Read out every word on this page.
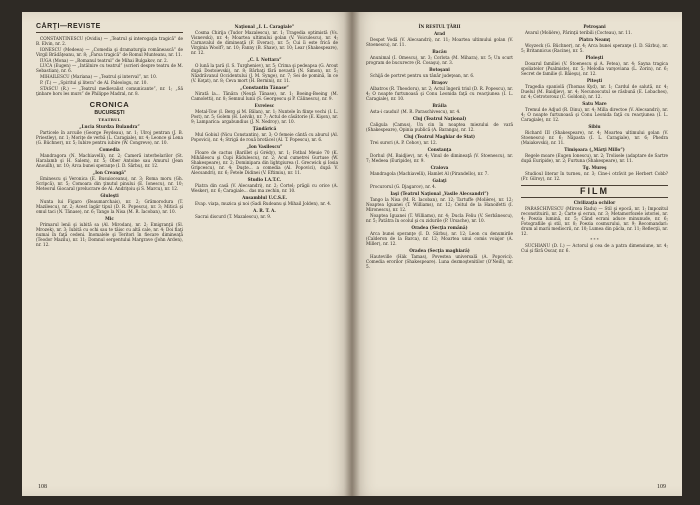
CĂRŢI—REVISTE
CONSTANTINESCU (Ovidiu) — „Teatrul şi interogaţia tragică” de B. Elvin, nr. 2.
IONESCU (Medeea) — „Comedia şi dramaturgia românească” de Virgil Brădăţeanu, nr. 8; „Farsa tragică” de Romul Munteanu, nr. 11.
IUGA (Mona) — „Romanul teatrul” de Mihai Bulgakov, nr. 2.
LUCA (Eugen) — „Intâlnire cu teatrul” (scrieri despre teatru de M. Sebastian), nr. 6.
MIHAILESCU (Mariana) — „Teatrul şi interval”, nr. 10.
P. (T.) — „Spiritul şi litera” de Al. Paleologu, nr. 10.
STASCU (R.) — „Teatrul medievalist comunicante”, nr. 1; „Să ţinbare hors les murs” de Philippe Madral, nr. 8.
CRONICA
BUCUREŞTI
TEATRUL
„Lucia Sturdza Bulandra”
Particele în arcuile (George Feydeau), nr. 1; Ulroj pentran (J. B. Priestley), nr. 1; Moriţe de verbă (L. Caragiale), nr. 4; Leonce şi Lena (G. Büchner), nr. 5; Iubire pentru iubire (W. Congreve), nr. 10.
Comedia
Mandragora (N. Machiavelli), nr. 2; Cameră interbelarilor (St. Haralamb şi H. Salem), nr. 5; Ober Antoine sau Amurul (Jean Anouilh), nr. 10; Arca bunei speranţe (I. D. Sârbu), nr. 12.
„Ion Creangă”
Eminescu şi Veronica (E. Busuioceanu), nr. 3; Roma moru (Gh. Scripcă), nr. 5; Comoara din ţinutul pinului (E. Ionescu), nr. 10; Meteorul Giocaral (prelucrare de Al. Andriţoiu şi S. Marcu), nr. 12.
Giuleşti
Nunta lui Figaro (Beaumarchais), nr. 2; Grămorodura (T. Mazilescu), nr. 2; Acest lagăr tipul (D. R. Popescu), nr. 3; Mitică şi omul taci (N. Tănase), nr. 6; Tango la Nisa (M. R. Iacoban), nr. 10.
Mic
Primarul lenii şi iubită sa (Al. Mirodan), nr. 2; Emigranţii (Sl. Mrozek), nr. 3; Iubită cu ochi sau te tăisc cu altă cale, nr. 4; Doi fiaţi numai în faţă cedeni. Inomalele şi Teritori în fiecare dimineaţă (Teodor Mazilu), nr. 11; Domnul sergentului Margrave (John Arden), nr. 12.
Naţional „I. L. Caragiale”
Cosma Chirija (Tudor Mazalescu), nr. 1; Tragedia optimistă (Vs. Visnevski), nr. 4; Moartea ultimului golan (V. Voiculescu), nr. 4; Carnavalul de dimineaţă (F. Everac), nr. 5; Cui îi este frică de Virginia Woolf?, nr. 10; Fanny (B. Shaw), nr. 10; Lear (Shakespeare), nr. 12.
„C. I. Nottara”
O lună la ţară (I. S. Turgheniev), nr. 5; Crima şi pedeapsa (G. Arout după Dostoievski), nr. 8; Bărbaţi fără nevastă (N. Simon), nr. 5; Năzdrăvanul Occidentului (J. M. Synge), nr. 7; Sei de pomină, în ce (V. Koţat), nr. 8; Ceva mort (H. Bernini), nr. 11.
„Constantin Tănase”
Nirată la... Tânăra (Neuţă Tănase), nr. 1; Boeing-Boeing (M. Camoletti), nr. 8; Semnul lunii (S. Georgescu şi P. Călinescu), nr. 9.
Evreiesc
Metal-Tow (I. Berg şi M. Bălan), nr. 1; Nuntele în fiinţe vechi (I. L. Post), nr. 5; Golem (H. Leivik), nr. 7; Actul de căsătorie (E. Kişon), nr. 9; Lamparica: argabundius (J. N. Nedroy), nr. 10.
Ţăndărică
Mul Gobiul (Nicu Constantin), nr. 3; O femeie cântă cu aburul (Al. Popovici), nr. 4; Strigă de rouă brotăcel (Al. T. Popescu), nr. 6.
„Ion Vasilescu”
Floare de cactus (Barillet şi Grédy), nr. 1; Fotbal Meuie 70 (K. Mihăilescu şi Cupi Rădulescu), nr. 2; Acul cumetrei Gurtuse (W. Shakespeare), nr. 2; Dominipara din lightgiurea (I. Grecwick şi Iosia Gripcescu), nr. 4; Duşte... a comedia (Al. Popovici), după V. Alecsandri), nr. 6; Fetele Didinei (V. Eftimiu), nr. 11.
Studio I.A.T.C.
Piatra din casă (V. Alecsandri), nr. 2; Cortel; prăgii cu orice (A. Wesker), nr. 6; Caragiale... das ma zechin, nr. 10.
Ansamblul U.C.S.E.
Evap. viaţa, muzica şi noi (Sadi Rudeanu şi Mihail Jolden), nr. 4.
A. R. T. A.
Sacrai discurd (T. Mazalescu), nr. 9.
108
ÎN RESTUL ŢĂRII
Arad
Despot Vodă (V. Alecsandri), nr. 11; Moartea ultimului golan (V. Stoenescu), nr. 11.
Bacău
Anunimal (I. Omescu), nr. 3; Corlota (M. Mihara), nr. 5; Un scurt program de bucurecre (R. Cosaşu), nr. 3.
Botoşani
Schijă de portret pentru un tânăr judeţean, nr. 6.
Braşov
Albatros (R. Theodoru), nr. 2; Actul îngerii triul (D. R. Popescu), nr. 4; O noapte furtunoasă şi Conu Leonida faţă cu reacţiunea (I. L. Caragiale), nr. 10.
Brăila
Asta-i caudui! (M. R. Paraschivescu), nr. 4.
Cluj (Teatrul Naţional)
Caligula (Camus), Un cin în noaptea miezului de vară (Shakespeare), Opinia publică (A. Baranga), nr. 12.
Cluj (Teatrul Maghiar de Stat)
Trei surori (A. P. Cehov), nr. 12.
Constanţa
Dorhul (M. Baidjiev), nr. 4; Vinul de dimineaţă (V. Stoenescu), nr. 7; Medeea (Euripide), nr. 9.
Craiova
Mandragola (Machiavelli), Hamlet Al (Pirandello), nr. 7.
Galaţi
Procurorul (G. Djagarov), nr. 4.
Iaşi (Teatrul Naţional „Vasile Alecsandri”)
Tango la Nisa (M. R. Iacoban), nr. 12; Tartuffe (Molière), nr. 12; Noaptea Iguanei (T. Williams), nr. 12; Ceitul de la Hanoifetti (I. Mironescu), nr. 12.
Noaptea Iguanei (T. Williams), nr. 4; Ducla Feliu (V. Serbănescu), nr. 5; Patătra în ocolul şi cu zidurile (P. Ursache), nr. 10.
Oradea (Secţia română)
Arca bunei speranţe (I. D. Sârbu), nr. 12; Leon cu denumirile (Calderon de la Barca), nr. 12; Moartea unui comis voiajor (A. Miller), nr. 12.
Oradea (Secţia maghiară)
Hauteville (Hák Tamas), Povestea universală (A. Popovici). Comedia erorilor (Shakespeare). Luna dezmoştenitilor (O'Neill), nr. 5.
Petroşani
Avarul (Molière), Părinţii teribili (Cocteau), nr. 11.
Piatra Neamţ
Woyzeck (G. Büchner), nr. 4; Arca bunei speranţe (I. D. Sârbu), nr. 5; Britannicus (Racine), nr. 5.
Ploieşti
Dosarul familiei (V. Stoenescu şi A. Fetea), nr. 4; Sayna tragica spoliatelor (Psalmiste), nr. 5; Melodia varşoviana (L. Zorin), nr. 6; Secret de familie (I. Băieşu), nr. 12.
Piteşti
Tragedia spaniolă (Thomas Kyd), nr. 1; Cardul de salută, nr. 4; Duelul (M. Baidjiev), nr. 4; Necunoscutul se răsbună (E. Lobaches), nr. 4; Cetrotorouz (C. Goldoni), nr. 12.
Satu Mare
Tremul de Adjud (R. Dinu), nr. 4; Milla directoe (V. Alecsandri), nr. 4; O noapte furtunoasă şi Conu Leonida faţă cu reacţiunea (I. L. Caragiale), nr. 12.
Sibiu
Richard III (Shakespeare), nr. 4; Moartea ultimului golan (V. Stoenescu) nr. 6; Năpasta (I. L. Caragiale), nr. 6; Phedra (Maiakovski), nr. 11.
Timişoara („Mărţi Millo”)
Regele moare (Eugen Ionescu), nr. 2; Trolisele (adaptare de Sartre după Euripide), nr. 2; Furtuna (Shakespeare), nr. 11.
Tg. Mureş
Studioul literar în turneu, nr. 3; Cine-i otrăvit pe Herbert Cobb? (Fr. Gilroy), nr. 12.
FILM
Civilizaţia ochilor
PARASCHIVESCU (Mircea Radu) — Stil şi epocă, nr. 1; Impozitul reconstituirii, nr. 2; Carte şi ecran, nr. 3; Metamorfozele istoriei, nr. 4; Poezia lumină, nr. 5; Când ecrani aduce minunude, nr. 6; Fotografiile şi stil, nr. 8; Poezia cosmurului, nr. 9; Recomandari: drum al marii mediocrii, nr. 10; Lumea din pâcla, nr. 11; Reflecţii, nr. 12.
* * *
SUCHIANU (D. I.) — Actorul şi cea de a patra dimensiune, nr. 4; Cui şi fără Oscar, nr. 6.
109
